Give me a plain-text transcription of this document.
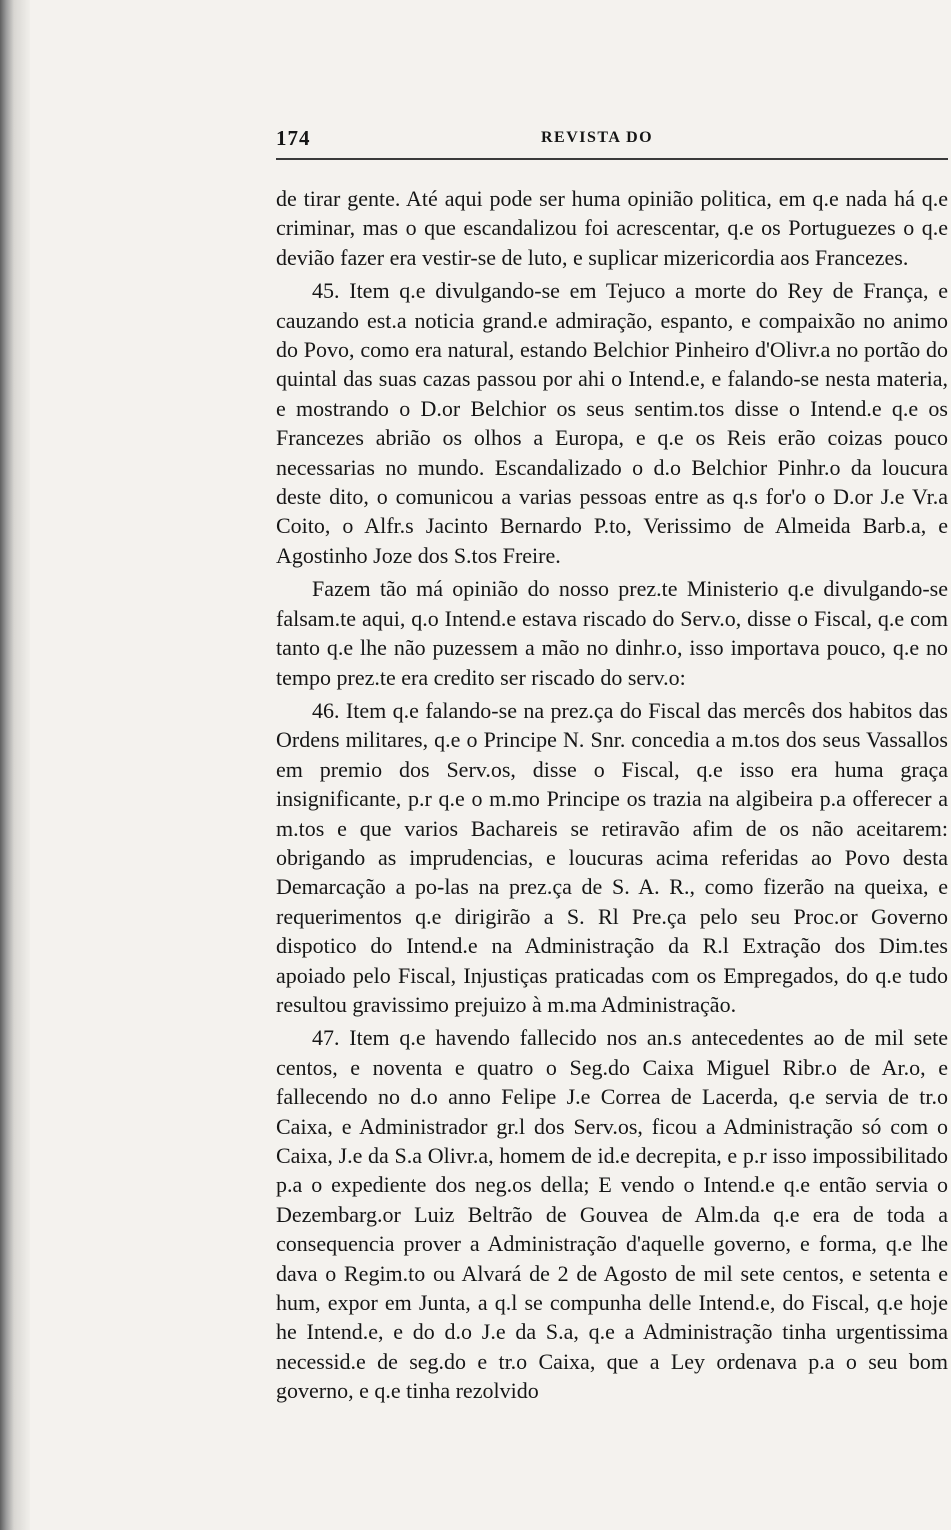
174	REVISTA DO

de tirar gente. Até aqui pode ser huma opinião politica, em q.e nada há q.e criminar, mas o que escandalizou foi acrescentar, q.e os Portuguezes o q.e devião fazer era vestir-se de luto, e suplicar mizericordia aos Francezes.

45. Item q.e divulgando-se em Tejuco a morte do Rey de França, e cauzando est.a noticia grand.e admiração, espanto, e compaixão no animo do Povo, como era natural, estando Belchior Pinheiro d'Olivr.a no portão do quintal das suas cazas passou por ahi o Intend.e, e falando-se nesta materia, e mostrando o D.or Belchior os seus sentim.tos disse o Intend.e q.e os Francezes abrião os olhos a Europa, e q.e os Reis erão coizas pouco necessarias no mundo. Escandalizado o d.o Belchior Pinhr.o da loucura deste dito, o comunicou a varias pessoas entre as q.s for'o o D.or J.e Vr.a Coito, o Alfr.s Jacinto Bernardo P.to, Verissimo de Almeida Barb.a, e Agostinho Joze dos S.tos Freire.

Fazem tão má opinião do nosso prez.te Ministerio q.e divulgando-se falsam.te aqui, q.o Intend.e estava riscado do Serv.o, disse o Fiscal, q.e com tanto q.e lhe não puzessem a mão no dinhr.o, isso importava pouco, q.e no tempo prez.te era credito ser riscado do serv.o:

46. Item q.e falando-se na prez.ça do Fiscal das mercês dos habitos das Ordens militares, q.e o Principe N. Snr. concedia a m.tos dos seus Vassallos em premio dos Serv.os, disse o Fiscal, q.e isso era huma graça insignificante, p.r q.e o m.mo Principe os trazia na algibeira p.a offerecer a m.tos e que varios Bachareis se retiravão afim de os não aceitarem: obrigando as imprudencias, e loucuras acima referidas ao Povo desta Demarcação a po-las na prez.ça de S. A. R., como fizerão na queixa, e requerimentos q.e dirigirão a S. Rl Pre.ça pelo seu Proc.or Governo dispotico do Intend.e na Administração da R.l Extração dos Dim.tes apoiado pelo Fiscal, Injustiças praticadas com os Empregados, do q.e tudo resultou gravissimo prejuizo à m.ma Administração.

47. Item q.e havendo fallecido nos an.s antecedentes ao de mil sete centos, e noventa e quatro o Seg.do Caixa Miguel Ribr.o de Ar.o, e fallecendo no d.o anno Felipe J.e Correa de Lacerda, q.e servia de tr.o Caixa, e Administrador gr.l dos Serv.os, ficou a Administração só com o Caixa, J.e da S.a Olivr.a, homem de id.e decrepita, e p.r isso impossibilitado p.a o expediente dos neg.os della; E vendo o Intend.e q.e então servia o Dezembarg.or Luiz Beltrão de Gouvea de Alm.da q.e era de toda a consequencia prover a Administração d'aquelle governo, e forma, q.e lhe dava o Regim.to ou Alvará de 2 de Agosto de mil sete centos, e setenta e hum, expor em Junta, a q.l se compunha delle Intend.e, do Fiscal, q.e hoje he Intend.e, e do d.o J.e da S.a, q.e a Administração tinha urgentissima necessid.e de seg.do e tr.o Caixa, que a Ley ordenava p.a o seu bom governo, e q.e tinha rezolvido
